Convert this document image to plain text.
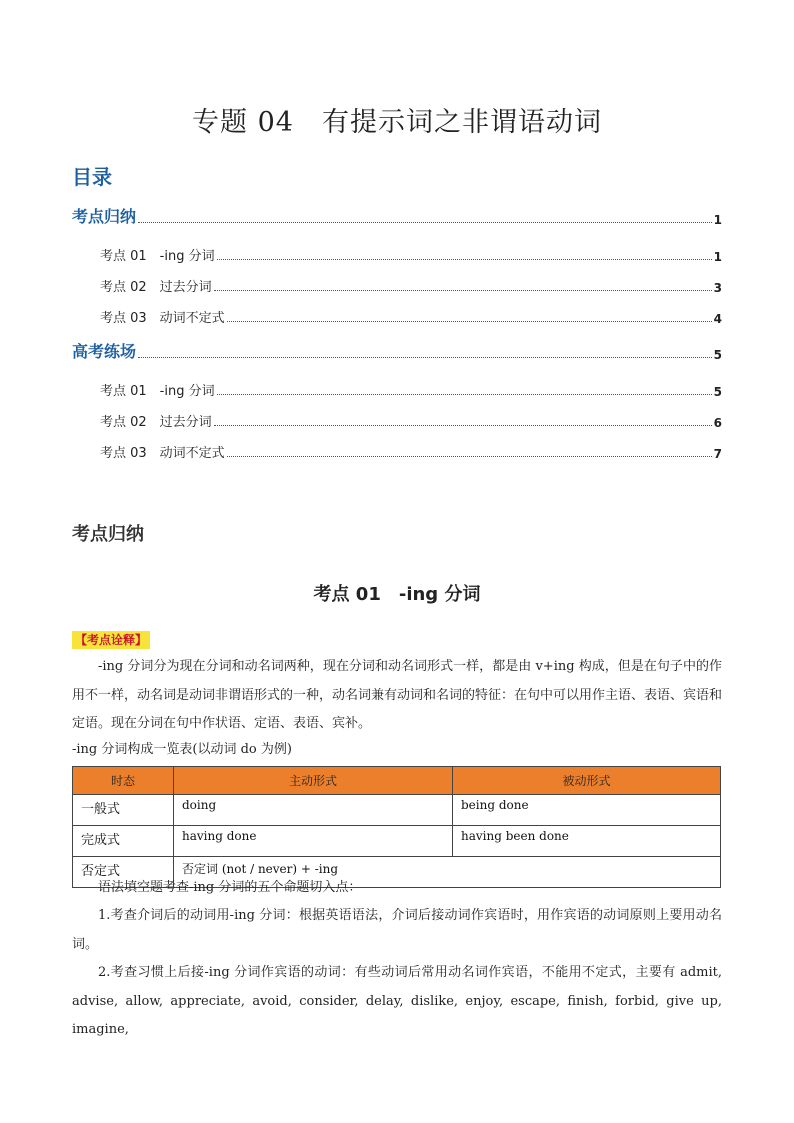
专题 04　有提示词之非谓语动词
目录
考点归纳	1
考点 01　-ing 分词	1
考点 02　过去分词	3
考点 03　动词不定式	4
高考练场	5
考点 01　-ing 分词	5
考点 02　过去分词	6
考点 03　动词不定式	7
考点归纳
考点 01　-ing 分词
【考点诠释】
-ing 分词分为现在分词和动名词两种，现在分词和动名词形式一样，都是由 v+ing 构成，但是在句子中的作用不一样，动名词是动词非谓语形式的一种，动名词兼有动词和名词的特征：在句中可以用作主语、表语、宾语和定语。现在分词在句中作状语、定语、表语、宾补。
-ing 分词构成一览表(以动词 do 为例)
时态	主动形式	被动形式
一般式	doing	being done
完成式	having done	having been done
否定式	否定词 (not / never) + -ing	
语法填空题考查-ing 分词的五个命题切入点：
1.考查介词后的动词用-ing 分词：根据英语语法，介词后接动词作宾语时，用作宾语的动词原则上要用动名词。
2.考查习惯上后接-ing 分词作宾语的动词：有些动词后常用动名词作宾语，不能用不定式，主要有 admit, advise, allow, appreciate, avoid, consider, delay, dislike, enjoy, escape, finish, forbid, give up, imagine,
